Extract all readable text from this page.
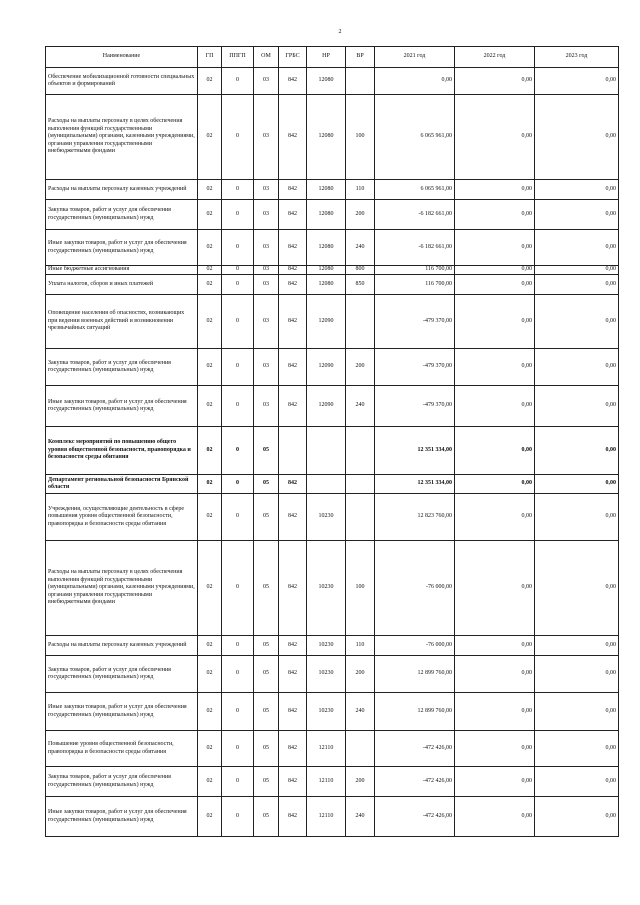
2
Наименование	ГП	ППГП	ОМ	ГРБС	НР	ВР	2021 год	2022 год	2023 год
Обеспечение мобилизационной готовности специальных объектов и формирований	02	0	03	842	12080		0,00	0,00	0,00
Расходы на выплаты персоналу в целях обеспечения выполнения функций государственными (муниципальными) органами, казенными учреждениями, органами управления государственными внебюджетными фондами	02	0	03	842	12080	100	6 065 961,00	0,00	0,00
Расходы на выплаты персоналу казенных учреждений	02	0	03	842	12080	110	6 065 961,00	0,00	0,00
Закупка товаров, работ и услуг для обеспечения государственных (муниципальных) нужд	02	0	03	842	12080	200	-6 182 661,00	0,00	0,00
Иные закупки товаров, работ и услуг для обеспечения государственных (муниципальных) нужд	02	0	03	842	12080	240	-6 182 661,00	0,00	0,00
Иные бюджетные ассигнования	02	0	03	842	12080	800	116 700,00	0,00	0,00
Уплата налогов, сборов и иных платежей	02	0	03	842	12080	850	116 700,00	0,00	0,00
Оповещение населения об опасностях, возникающих при ведении военных действий и возникновении чрезвычайных ситуаций	02	0	03	842	12090		-479 370,00	0,00	0,00
Закупка товаров, работ и услуг для обеспечения государственных (муниципальных) нужд	02	0	03	842	12090	200	-479 370,00	0,00	0,00
Иные закупки товаров, работ и услуг для обеспечения государственных (муниципальных) нужд	02	0	03	842	12090	240	-479 370,00	0,00	0,00
Комплекс мероприятий по повышению общего уровня общественной безопасности, правопорядка и безопасности среды обитания	02	0	05				12 351 334,00	0,00	0,00
Департамент региональной безопасности Брянской области	02	0	05	842			12 351 334,00	0,00	0,00
Учреждения, осуществляющие деятельность в сфере повышения уровня общественной безопасности, правопорядка и безопасности среды обитания	02	0	05	842	10230		12 823 760,00	0,00	0,00
Расходы на выплаты персоналу в целях обеспечения выполнения функций государственными (муниципальными) органами, казенными учреждениями, органами управления государственными внебюджетными фондами	02	0	05	842	10230	100	-76 000,00	0,00	0,00
Расходы на выплаты персоналу казенных учреждений	02	0	05	842	10230	110	-76 000,00	0,00	0,00
Закупка товаров, работ и услуг для обеспечения государственных (муниципальных) нужд	02	0	05	842	10230	200	12 899 760,00	0,00	0,00
Иные закупки товаров, работ и услуг для обеспечения государственных (муниципальных) нужд	02	0	05	842	10230	240	12 899 760,00	0,00	0,00
Повышение уровня общественной безопасности, правопорядка и безопасности среды обитания	02	0	05	842	12110		-472 426,00	0,00	0,00
Закупка товаров, работ и услуг для обеспечения государственных (муниципальных) нужд	02	0	05	842	12110	200	-472 426,00	0,00	0,00
Иные закупки товаров, работ и услуг для обеспечения государственных (муниципальных) нужд	02	0	05	842	12110	240	-472 426,00	0,00	0,00
